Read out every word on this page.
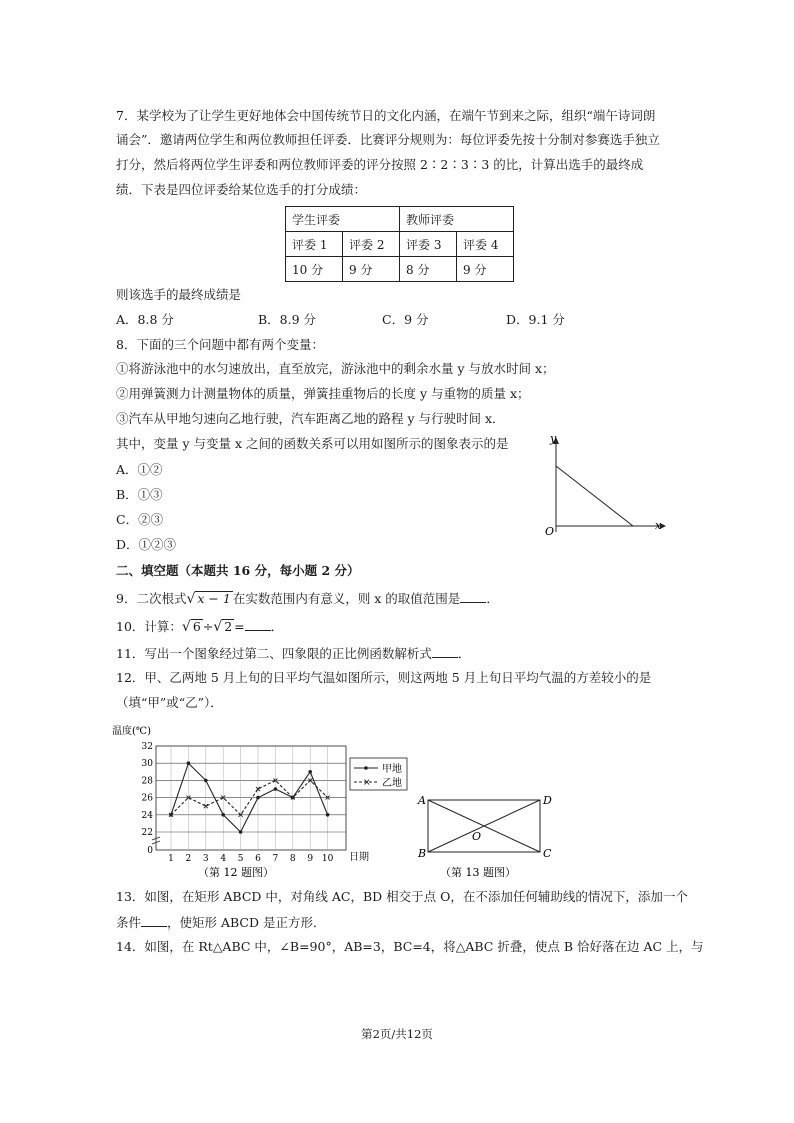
7．某学校为了让学生更好地体会中国传统节日的文化内涵，在端午节到来之际，组织“端午诗词朗
诵会”．邀请两位学生和两位教师担任评委．比赛评分规则为：每位评委先按十分制对参赛选手独立
打分，然后将两位学生评委和两位教师评委的评分按照 2∶2∶3∶3 的比，计算出选手的最终成
绩．下表是四位评委给某位选手的打分成绩：
学生评委		教师评委	
评委 1	评委 2	评委 3	评委 4
10 分	9 分	8 分	9 分
则该选手的最终成绩是
A．8.8 分	B．8.9 分	C．9 分	D．9.1 分
8．下面的三个问题中都有两个变量：
①将游泳池中的水匀速放出，直至放完，游泳池中的剩余水量 y 与放水时间 x；
②用弹簧测力计测量物体的质量，弹簧挂重物后的长度 y 与重物的质量 x；
③汽车从甲地匀速向乙地行驶，汽车距离乙地的路程 y 与行驶时间 x．
其中，变量 y 与变量 x 之间的函数关系可以用如图所示的图象表示的是
A．①②
B．①③
C．②③
D．①②③
y
x
O
二、填空题（本题共 16 分，每小题 2 分）
9．二次根式√ x − 1 在实数范围内有意义，则 x 的取值范围是 ．
10．计算：√ 6 ÷√ 2 = ．
11．写出一个图象经过第二、四象限的正比例函数解析式 ．
12．甲、乙两地 5 月上旬的日平均气温如图所示，则这两地 5 月上旬日平均气温的方差较小的是
（填“甲”或“乙”）．
温度(℃)
日期
0
22
24
26
28
30
32
1 2 3 4 5 6 7 8 9 10
甲地
× 乙地
（第 12 题图）
A	D
B	C
O
（第 13 题图）
13．如图，在矩形 ABCD 中，对角线 AC，BD 相交于点 O，在不添加任何辅助线的情况下，添加一个
条件 ，使矩形 ABCD 是正方形．
14．如图，在 Rt△ABC 中，∠B=90°，AB=3，BC=4，将△ABC 折叠，使点 B 恰好落在边 AC 上，与
第2页/共12页
